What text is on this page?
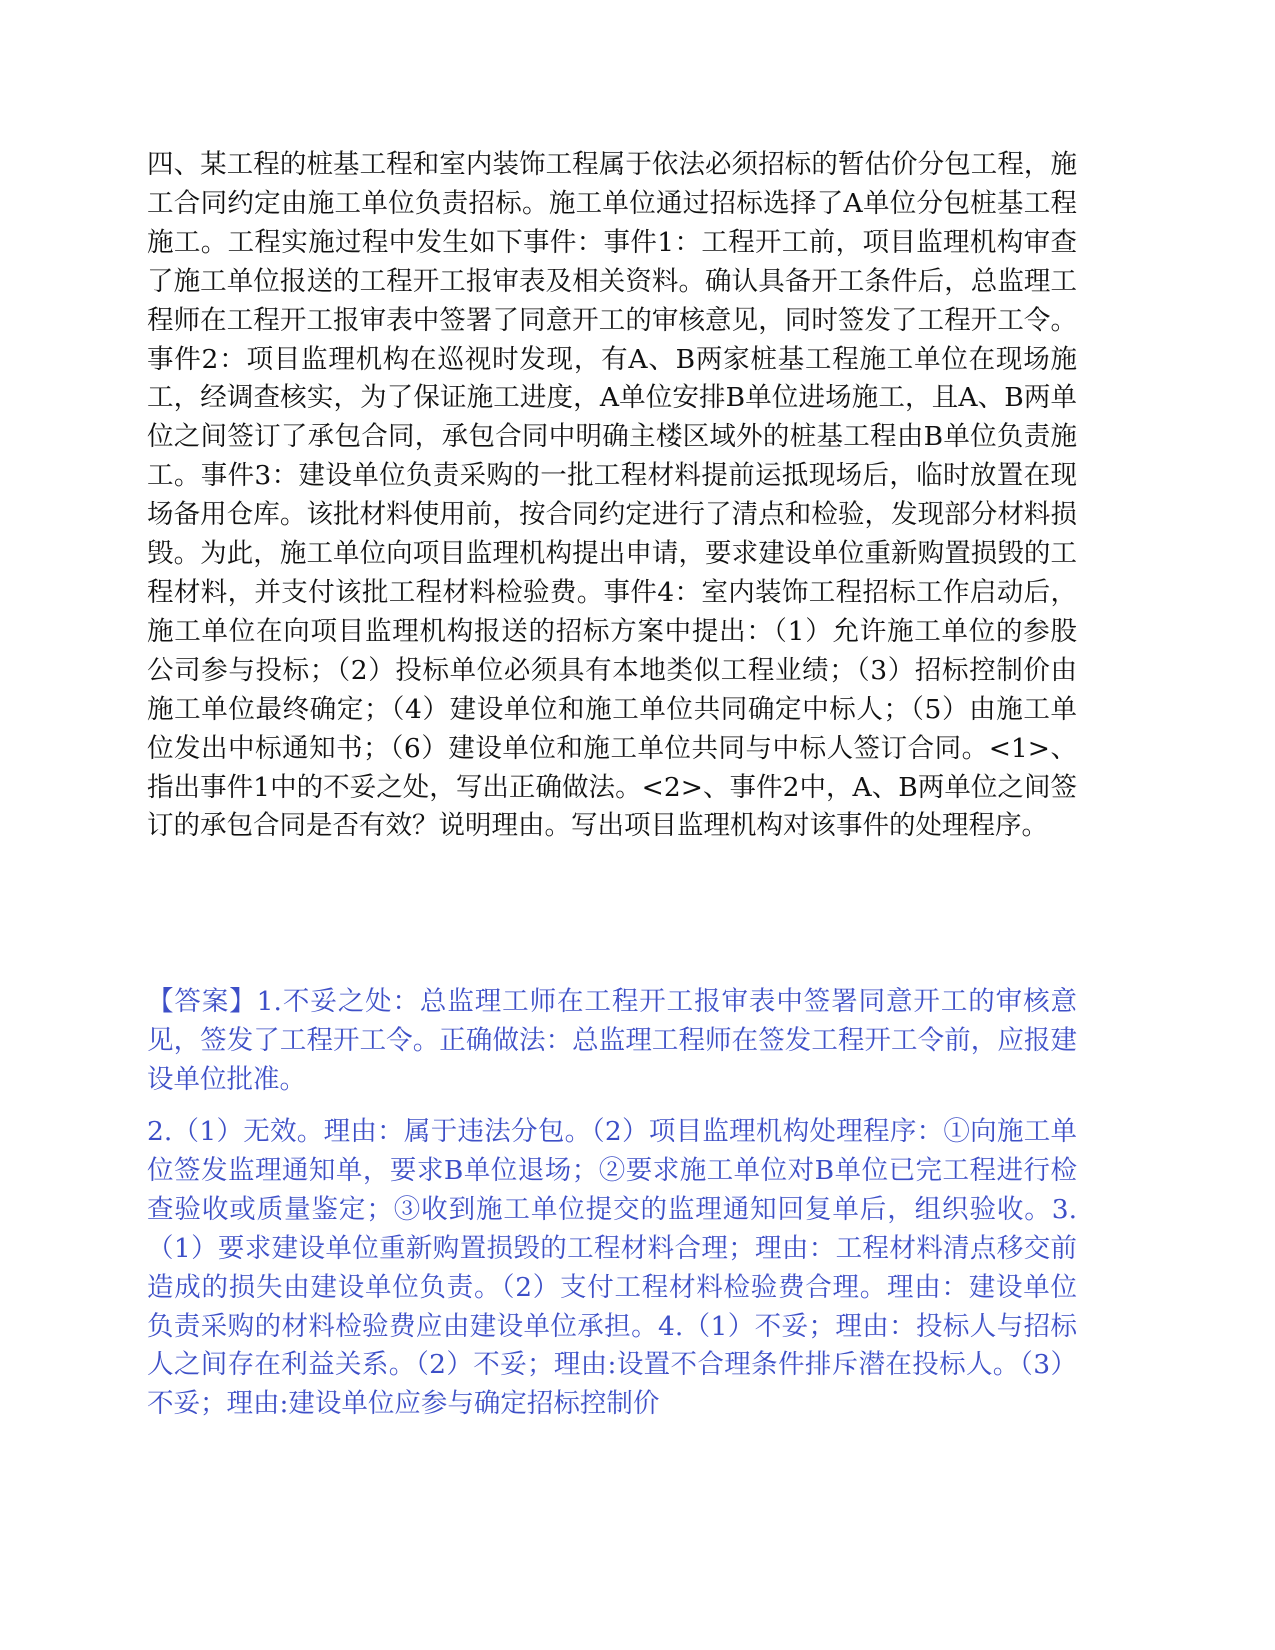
四、某工程的桩基工程和室内装饰工程属于依法必须招标的暂估价分包工程，施工合同约定由施工单位负责招标。施工单位通过招标选择了A单位分包桩基工程施工。工程实施过程中发生如下事件：事件1：工程开工前，项目监理机构审查了施工单位报送的工程开工报审表及相关资料。确认具备开工条件后，总监理工程师在工程开工报审表中签署了同意开工的审核意见，同时签发了工程开工令。事件2：项目监理机构在巡视时发现，有A、B两家桩基工程施工单位在现场施工，经调查核实，为了保证施工进度，A单位安排B单位进场施工，且A、B两单位之间签订了承包合同，承包合同中明确主楼区域外的桩基工程由B单位负责施工。事件3：建设单位负责采购的一批工程材料提前运抵现场后，临时放置在现场备用仓库。该批材料使用前，按合同约定进行了清点和检验，发现部分材料损毁。为此，施工单位向项目监理机构提出申请，要求建设单位重新购置损毁的工程材料，并支付该批工程材料检验费。事件4：室内装饰工程招标工作启动后，施工单位在向项目监理机构报送的招标方案中提出：（1）允许施工单位的参股公司参与投标；（2）投标单位必须具有本地类似工程业绩；（3）招标控制价由施工单位最终确定；（4）建设单位和施工单位共同确定中标人；（5）由施工单位发出中标通知书；（6）建设单位和施工单位共同与中标人签订合同。<1>、指出事件1中的不妥之处，写出正确做法。<2>、事件2中，A、B两单位之间签订的承包合同是否有效？说明理由。写出项目监理机构对该事件的处理程序。

【答案】1.不妥之处：总监理工师在工程开工报审表中签署同意开工的审核意见，签发了工程开工令。正确做法：总监理工程师在签发工程开工令前，应报建设单位批准。

2.（1）无效。理由：属于违法分包。（2）项目监理机构处理程序：①向施工单位签发监理通知单，要求B单位退场；②要求施工单位对B单位已完工程进行检查验收或质量鉴定；③收到施工单位提交的监理通知回复单后，组织验收。3.（1）要求建设单位重新购置损毁的工程材料合理；理由：工程材料清点移交前造成的损失由建设单位负责。（2）支付工程材料检验费合理。理由：建设单位负责采购的材料检验费应由建设单位承担。4.（1）不妥；理由：投标人与招标人之间存在利益关系。（2）不妥；理由:设置不合理条件排斥潜在投标人。（3）不妥；理由:建设单位应参与确定招标控制价
